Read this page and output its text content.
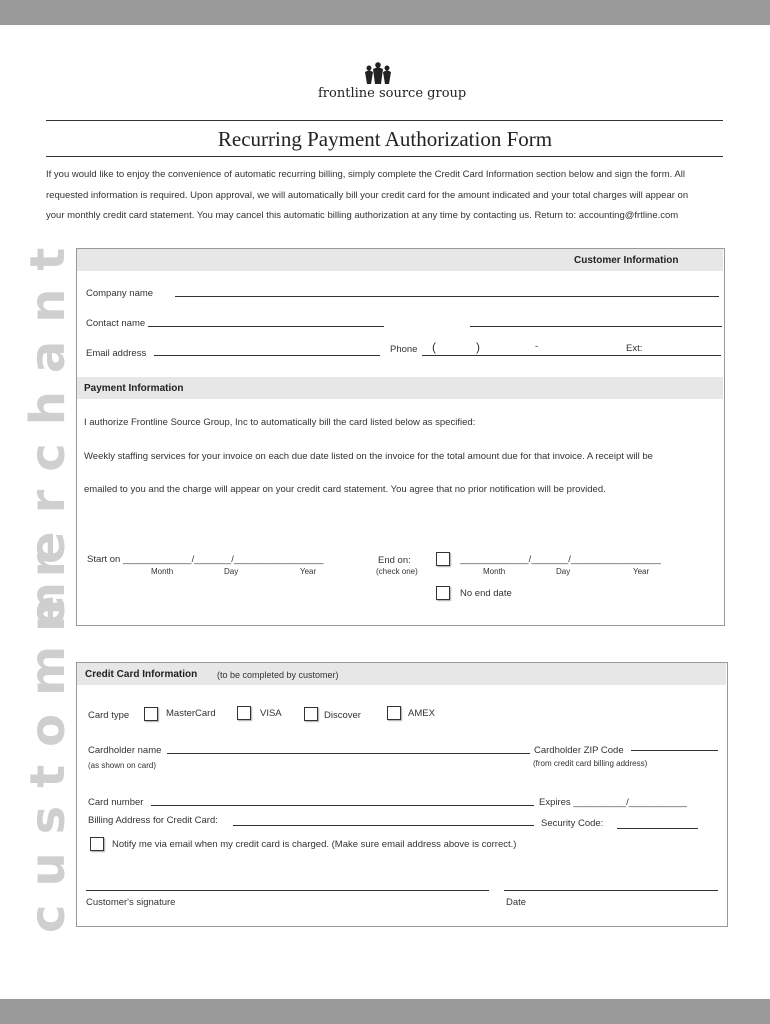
frontline source group
Recurring Payment Authorization Form
If you would like to enjoy the convenience of automatic recurring billing, simply complete the Credit Card Information section below and sign the form. All
requested information is required. Upon approval, we will automatically bill your credit card for the amount indicated and your total charges will appear on
your monthly credit card statement. You may cancel this automatic billing authorization at any time by contacting us. Return to: accounting@frtline.com
merchant
customer
Customer Information
Company name
Contact name
Email address	Phone (	)	-	Ext:
Payment Information
I authorize Frontline Source Group, Inc to automatically bill the card listed below as specified:
Weekly staffing services for your invoice on each due date listed on the invoice for the total amount due for that invoice. A receipt will be
emailed to you and the charge will appear on your credit card statement. You agree that no prior notification will be provided.
Start on _____________/_______/_________________
Month	Day	Year
End on:
(check one)
_____________/_______/_________________
Month	Day	Year
No end date
Credit Card Information (to be completed by customer)
Card type	MasterCard	VISA	Discover	AMEX
Cardholder name
(as shown on card)
Cardholder ZIP Code
(from credit card billing address)
Card number	Expires __________/___________
Billing Address for Credit Card:	Security Code:
Notify me via email when my credit card is charged. (Make sure email address above is correct.)
Customer's signature	Date
